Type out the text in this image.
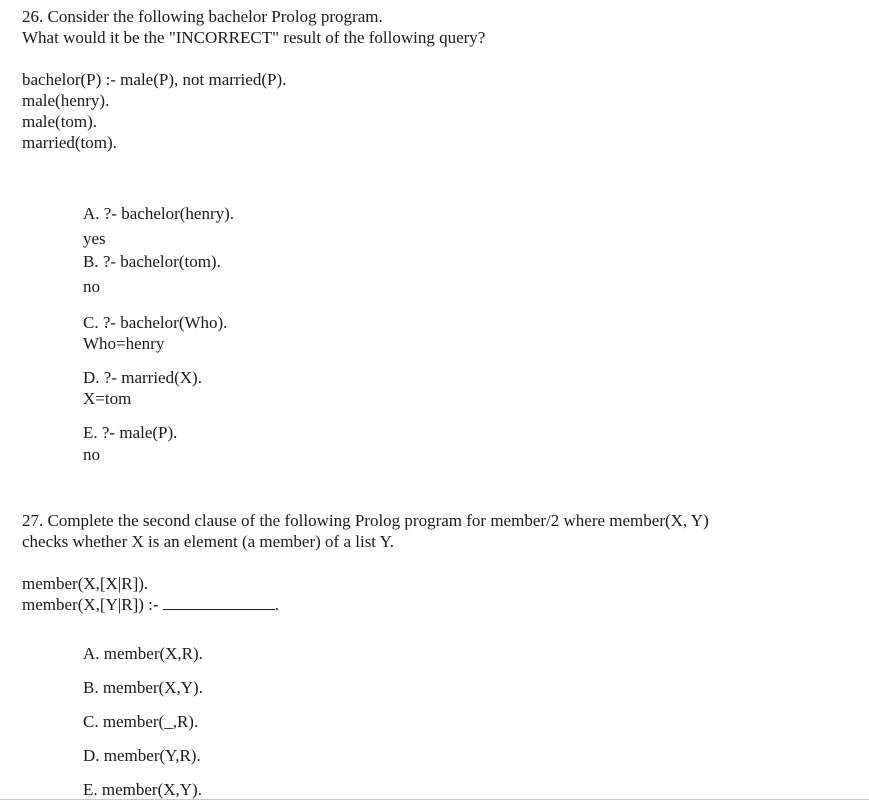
26. Consider the following bachelor Prolog program.
What would it be the "INCORRECT" result of the following query?
bachelor(P) :- male(P), not married(P).
male(henry).
male(tom).
married(tom).
A. ?- bachelor(henry).
yes
B. ?- bachelor(tom).
no
C. ?- bachelor(Who).
Who=henry
D. ?- married(X).
X=tom
E. ?- male(P).
no
27. Complete the second clause of the following Prolog program for member/2 where member(X, Y)
checks whether X is an element (a member) of a list Y.
member(X,[X|R]).
member(X,[Y|R]) :-	.
A. member(X,R).
B. member(X,Y).
C. member(_,R).
D. member(Y,R).
E. member(X,Y).
